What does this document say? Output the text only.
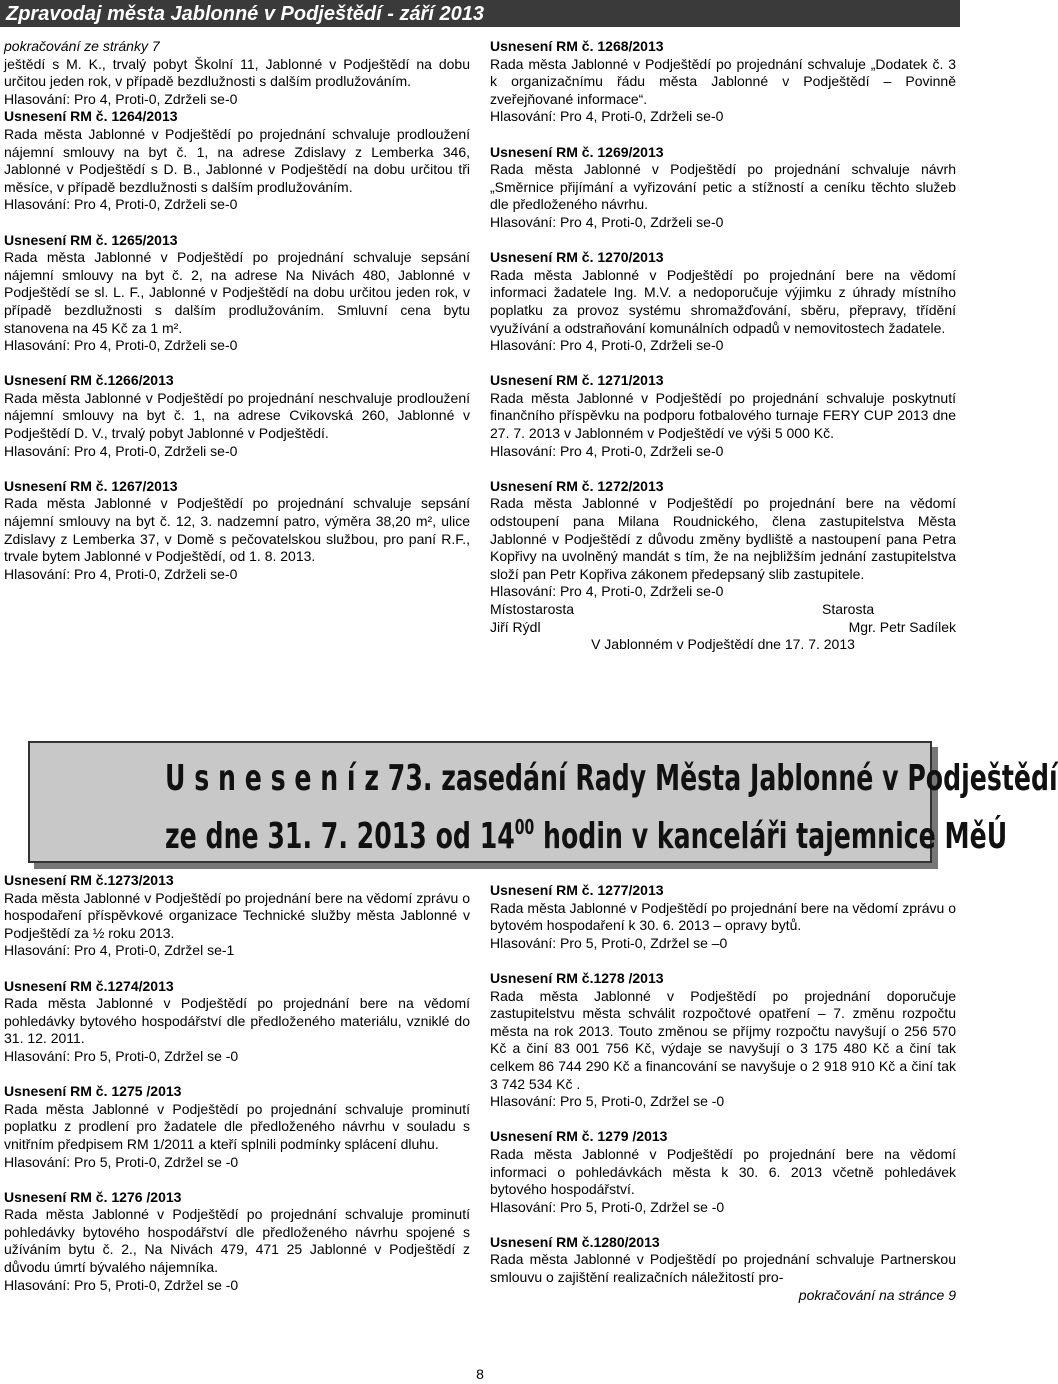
Zpravodaj města Jablonné v Podještědí - září 2013

pokračování ze stránky 7

ještědí s M. K., trvalý pobyt Školní 11, Jablonné v Podještědí na dobu určitou jeden rok, v případě bezdlužnosti s dalším prodlužováním.

Hlasování: Pro 4, Proti-0, Zdrželi se-0

Usnesení RM č. 1264/2013

Rada města Jablonné v Podještědí po projednání schvaluje prodloužení nájemní smlouvy na byt č. 1, na adrese Zdislavy z Lemberka 346, Jablonné v Podještědí s D. B., Jablonné v Podještědí na dobu určitou tři měsíce, v případě bezdlužnosti s dalším prodlužováním.

Hlasování: Pro 4, Proti-0, Zdrželi se-0

Usnesení RM č. 1265/2013

Rada města Jablonné v Podještědí po projednání schvaluje sepsání nájemní smlouvy na byt č. 2, na adrese Na Nivách 480, Jablonné v Podještědí se sl. L. F., Jablonné v Podještědí na dobu určitou jeden rok, v případě bezdlužnosti s dalším prodlužováním. Smluvní cena bytu stanovena na 45 Kč za 1 m².

Hlasování: Pro 4, Proti-0, Zdrželi se-0

Usnesení RM č.1266/2013

Rada města Jablonné v Podještědí po projednání neschvaluje prodloužení nájemní smlouvy na byt č. 1, na adrese Cvikovská 260, Jablonné v Podještědí D. V., trvalý pobyt Jablonné v Podještědí.

Hlasování: Pro 4, Proti-0, Zdrželi se-0

Usnesení RM č. 1267/2013

Rada města Jablonné v Podještědí po projednání schvaluje sepsání nájemní smlouvy na byt č. 12, 3. nadzemní patro, výměra 38,20 m², ulice Zdislavy z Lemberka 37, v Domě s pečovatelskou službou, pro paní R.F., trvale bytem Jablonné v Podještědí, od 1. 8. 2013.

Hlasování: Pro 4, Proti-0, Zdrželi se-0

Usnesení RM č. 1268/2013

Rada města Jablonné v Podještědí po projednání schvaluje „Dodatek č. 3 k organizačnímu řádu města Jablonné v Podještědí – Povinně zveřejňované informace“.

Hlasování: Pro 4, Proti-0, Zdrželi se-0

Usnesení RM č. 1269/2013

Rada města Jablonné v Podještědí po projednání schvaluje návrh „Směrnice přijímání a vyřizování petic a stížností a ceníku těchto služeb dle předloženého návrhu.

Hlasování: Pro 4, Proti-0, Zdrželi se-0

Usnesení RM č. 1270/2013

Rada města Jablonné v Podještědí po projednání bere na vědomí informaci žadatele Ing. M.V. a nedoporučuje výjimku z úhrady místního poplatku za provoz systému shromažďování, sběru, přepravy, třídění využívání a odstraňování komunálních odpadů v nemovitostech žadatele.

Hlasování: Pro 4, Proti-0, Zdrželi se-0

Usnesení RM č. 1271/2013

Rada města Jablonné v Podještědí po projednání schvaluje poskytnutí finančního příspěvku na podporu fotbalového turnaje FERY CUP 2013 dne 27. 7. 2013 v Jablonném v Podještědí ve výši 5 000 Kč.

Hlasování: Pro 4, Proti-0, Zdrželi se-0

Usnesení RM č. 1272/2013

Rada města Jablonné v Podještědí po projednání bere na vědomí odstoupení pana Milana Roudnického, člena zastupitelstva Města Jablonné v Podještědí z důvodu změny bydliště a nastoupení pana Petra Kopřivy na uvolněný mandát s tím, že na nejbližším jednání zastupitelstva složí pan Petr Kopřiva zákonem předepsaný slib zastupitele.

Hlasování: Pro 4, Proti-0, Zdrželi se-0

Místostarosta	Starosta
Jiří Rýdl	Mgr. Petr Sadílek

V Jablonném v Podještědí dne 17. 7. 2013

U s n e s e n í z 73. zasedání Rady Města Jablonné v Podještědí
ze dne 31. 7. 2013 od $14^{00}$ hodin v kanceláři tajemnice MěÚ

Usnesení RM č.1273/2013

Rada města Jablonné v Podještědí po projednání bere na vědomí zprávu o hospodaření příspěvkové organizace Technické služby města Jablonné v Podještědí za ½ roku 2013.

Hlasování: Pro 4, Proti-0, Zdržel se-1

Usnesení RM č.1274/2013

Rada města Jablonné v Podještědí po projednání bere na vědomí pohledávky bytového hospodářství dle předloženého materiálu, vzniklé do 31. 12. 2011.

Hlasování: Pro 5, Proti-0, Zdržel se -0

Usnesení RM č. 1275 /2013

Rada města Jablonné v Podještědí po projednání schvaluje prominutí poplatku z prodlení pro žadatele dle předloženého návrhu v souladu s vnitřním předpisem RM 1/2011 a kteří splnili podmínky splácení dluhu.

Hlasování: Pro 5, Proti-0, Zdržel se -0

Usnesení RM č. 1276 /2013

Rada města Jablonné v Podještědí po projednání schvaluje prominutí pohledávky bytového hospodářství dle předloženého návrhu spojené s užíváním bytu č. 2., Na Nivách 479, 471 25 Jablonné v Podještědí z důvodu úmrtí bývalého nájemníka.

Hlasování: Pro 5, Proti-0, Zdržel se -0

Usnesení RM č. 1277/2013

Rada města Jablonné v Podještědí po projednání bere na vědomí zprávu o bytovém hospodaření k 30. 6. 2013 – opravy bytů.

Hlasování: Pro 5, Proti-0, Zdržel se –0

Usnesení RM č.1278 /2013

Rada města Jablonné v Podještědí po projednání doporučuje zastupitelstvu města schválit rozpočtové opatření – 7. změnu rozpočtu města na rok 2013. Touto změnou se příjmy rozpočtu navyšují o 256 570 Kč a činí 83 001 756 Kč, výdaje se navyšují o 3 175 480 Kč a činí tak celkem 86 744 290 Kč a financování se navyšuje o 2 918 910 Kč a činí tak 3 742 534 Kč .

Hlasování: Pro 5, Proti-0, Zdržel se -0

Usnesení RM č. 1279 /2013

Rada města Jablonné v Podještědí po projednání bere na vědomí informaci o pohledávkách města k 30. 6. 2013 včetně pohledávek bytového hospodářství.

Hlasování: Pro 5, Proti-0, Zdržel se -0

Usnesení RM č.1280/2013

Rada města Jablonné v Podještědí po projednání schvaluje Partnerskou smlouvu o zajištění realizačních náležitostí pro-

pokračování na stránce 9

8
